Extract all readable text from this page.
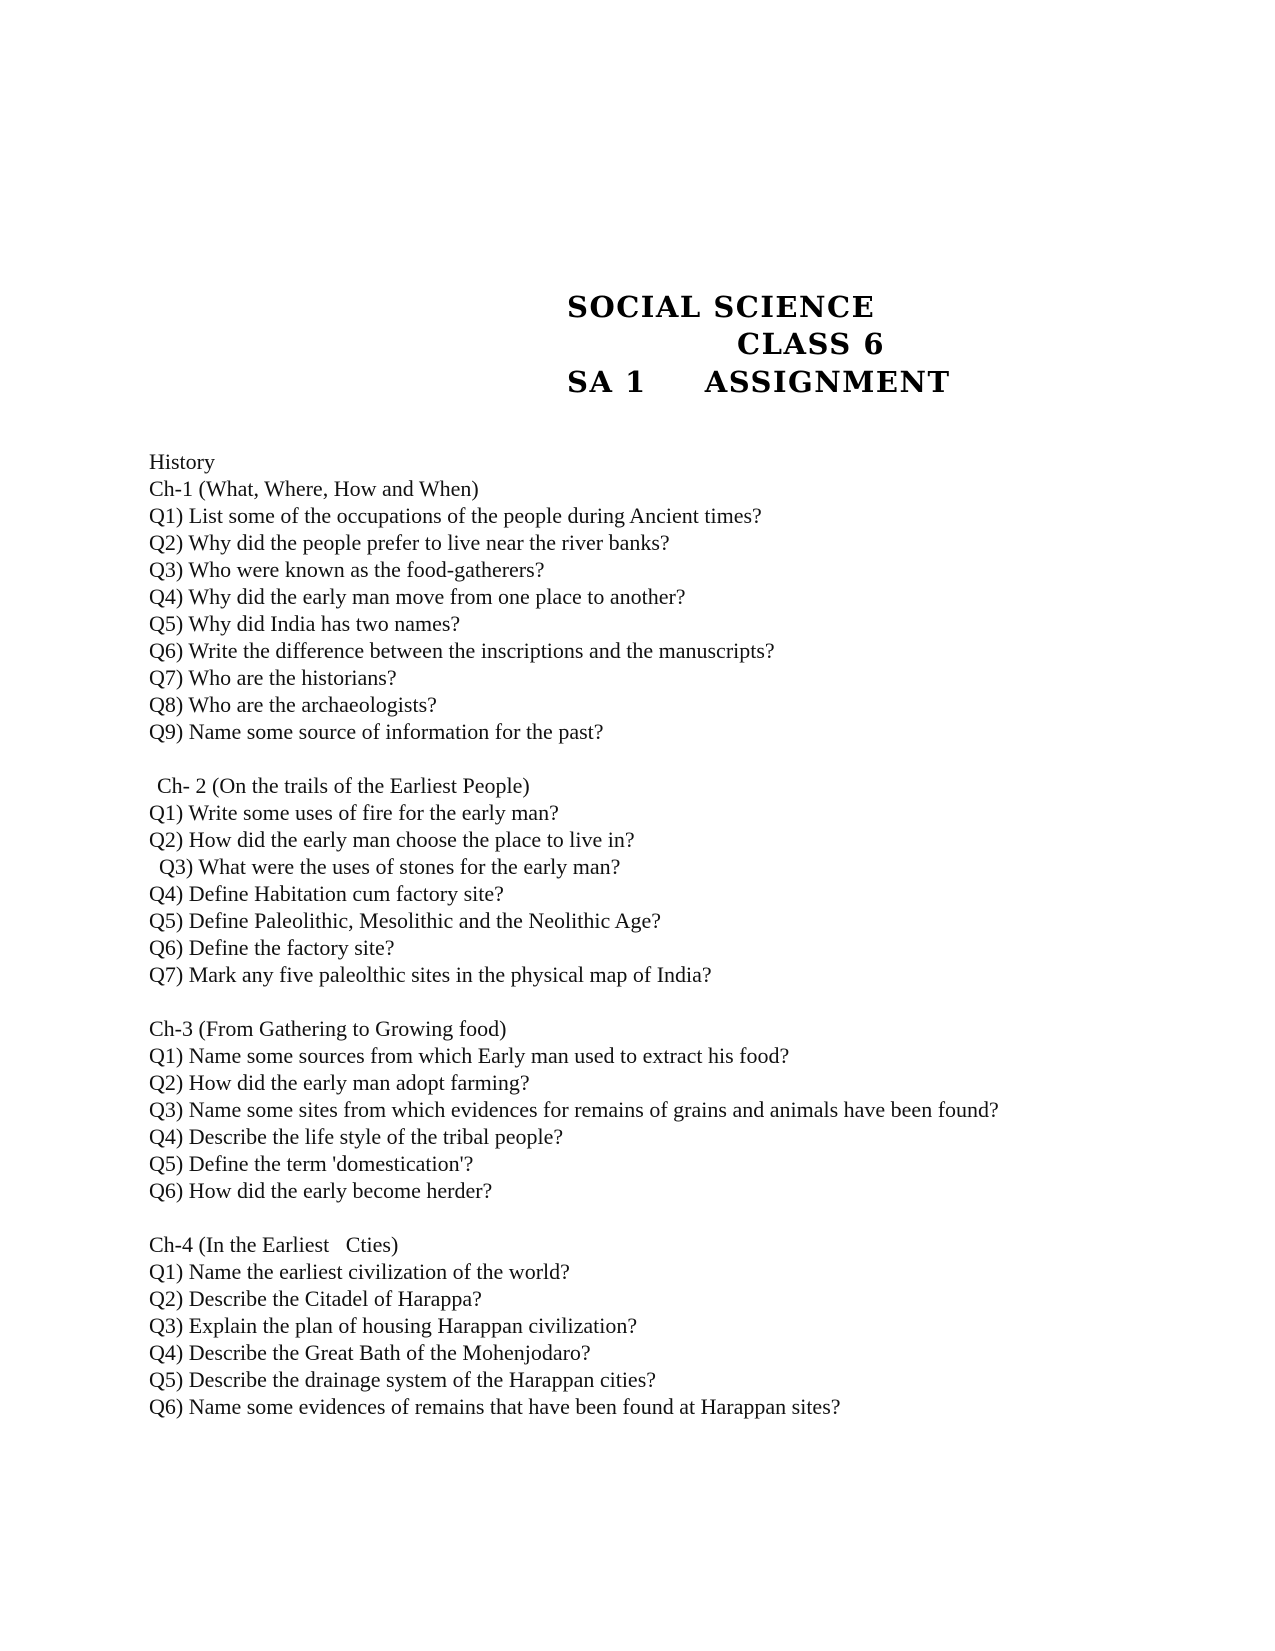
SOCIAL SCIENCE
CLASS 6
SA 1     ASSIGNMENT
History
Ch-1 (What, Where, How and When)
Q1) List some of the occupations of the people during Ancient times?
Q2) Why did the people prefer to live near the river banks?
Q3) Who were known as the food-gatherers?
Q4) Why did the early man move from one place to another?
Q5) Why did India has two names?
Q6) Write the difference between the inscriptions and the manuscripts?
Q7) Who are the historians?
Q8) Who are the archaeologists?
Q9) Name some source of information for the past?
Ch- 2 (On the trails of the Earliest People)
Q1) Write some uses of fire for the early man?
Q2) How did the early man choose the place to live in?
Q3) What were the uses of stones for the early man?
Q4) Define Habitation cum factory site?
Q5) Define Paleolithic, Mesolithic and the Neolithic Age?
Q6) Define the factory site?
Q7) Mark any five paleolthic sites in the physical map of India?
Ch-3 (From Gathering to Growing food)
Q1) Name some sources from which Early man used to extract his food?
Q2) How did the early man adopt farming?
Q3) Name some sites from which evidences for remains of grains and animals have been found?
Q4) Describe the life style of the tribal people?
Q5) Define the term 'domestication'?
Q6) How did the early become herder?
Ch-4 (In the Earliest   Cties)
Q1) Name the earliest civilization of the world?
Q2) Describe the Citadel of Harappa?
Q3) Explain the plan of housing Harappan civilization?
Q4) Describe the Great Bath of the Mohenjodaro?
Q5) Describe the drainage system of the Harappan cities?
Q6) Name some evidences of remains that have been found at Harappan sites?
